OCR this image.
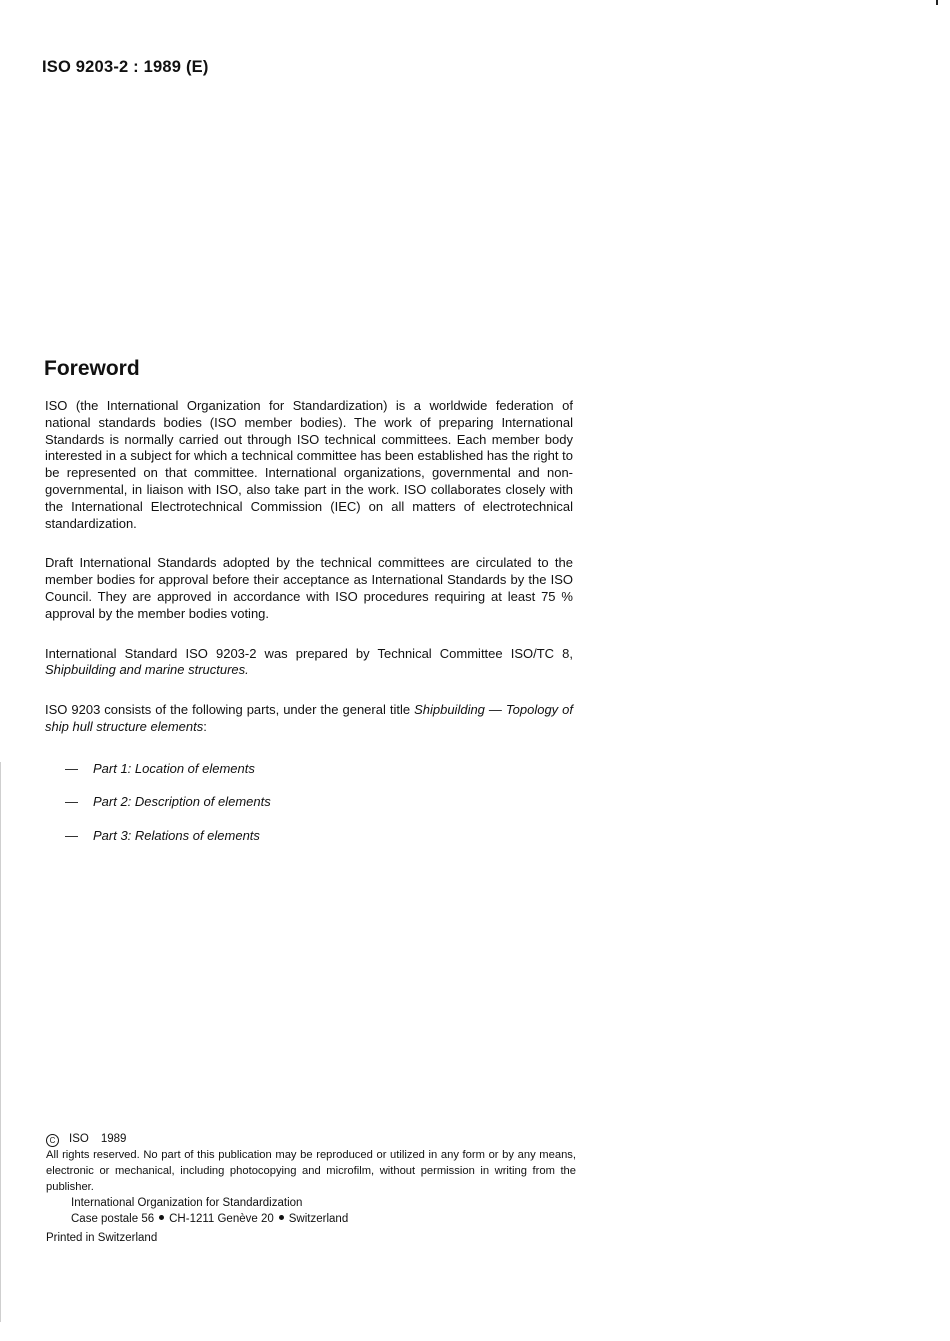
ISO 9203-2 : 1989 (E)
Foreword

ISO (the International Organization for Standardization) is a worldwide federation of national standards bodies (ISO member bodies). The work of preparing International Standards is normally carried out through ISO technical committees. Each member body interested in a subject for which a technical committee has been established has the right to be represented on that committee. International organizations, governmental and non-governmental, in liaison with ISO, also take part in the work. ISO collaborates closely with the International Electrotechnical Commission (IEC) on all matters of electrotechnical standardization.

Draft International Standards adopted by the technical committees are circulated to the member bodies for approval before their acceptance as International Standards by the ISO Council. They are approved in accordance with ISO procedures requiring at least 75 % approval by the member bodies voting.

International Standard ISO 9203-2 was prepared by Technical Committee ISO/TC 8, Shipbuilding and marine structures.

ISO 9203 consists of the following parts, under the general title Shipbuilding — Topology of ship hull structure elements:

— Part 1: Location of elements
— Part 2: Description of elements
— Part 3: Relations of elements
C ISO 1989

All rights reserved. No part of this publication may be reproduced or utilized in any form or by any means, electronic or mechanical, including photocopying and microfilm, without permission in writing from the publisher.

International Organization for Standardization
Case postale 56 CH-1211 Genève 20 Switzerland
Printed in Switzerland
